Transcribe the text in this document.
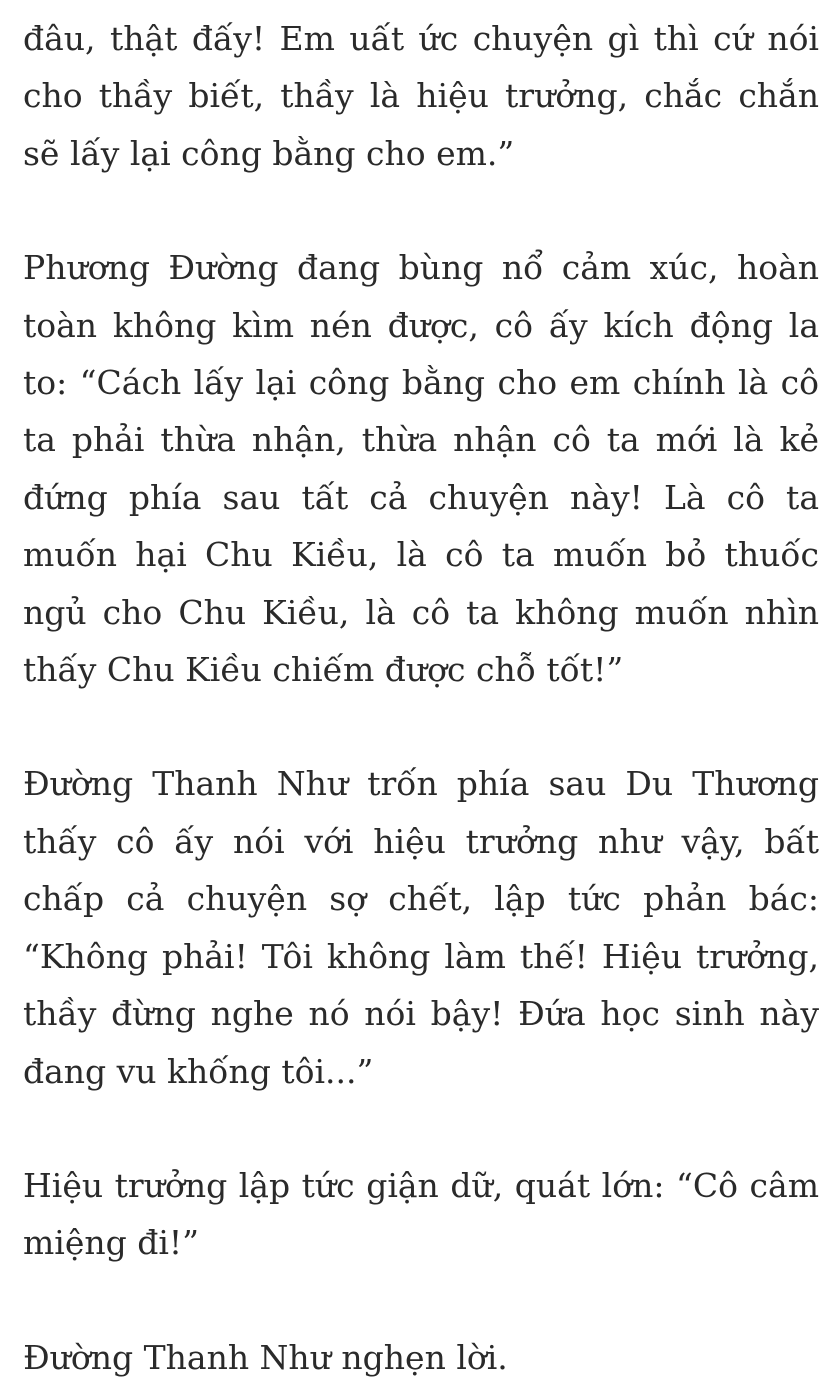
đâu, thật đấy! Em uất ức chuyện gì thì cứ nói cho thầy biết, thầy là hiệu trưởng, chắc chắn sẽ lấy lại công bằng cho em.”

Phương Đường đang bùng nổ cảm xúc, hoàn toàn không kìm nén được, cô ấy kích động la to: “Cách lấy lại công bằng cho em chính là cô ta phải thừa nhận, thừa nhận cô ta mới là kẻ đứng phía sau tất cả chuyện này! Là cô ta muốn hại Chu Kiều, là cô ta muốn bỏ thuốc ngủ cho Chu Kiều, là cô ta không muốn nhìn thấy Chu Kiều chiếm được chỗ tốt!”

Đường Thanh Như trốn phía sau Du Thương thấy cô ấy nói với hiệu trưởng như vậy, bất chấp cả chuyện sợ chết, lập tức phản bác: “Không phải! Tôi không làm thế! Hiệu trưởng, thầy đừng nghe nó nói bậy! Đứa học sinh này đang vu khống tôi...”

Hiệu trưởng lập tức giận dữ, quát lớn: “Cô câm miệng đi!”

Đường Thanh Như nghẹn lời.
